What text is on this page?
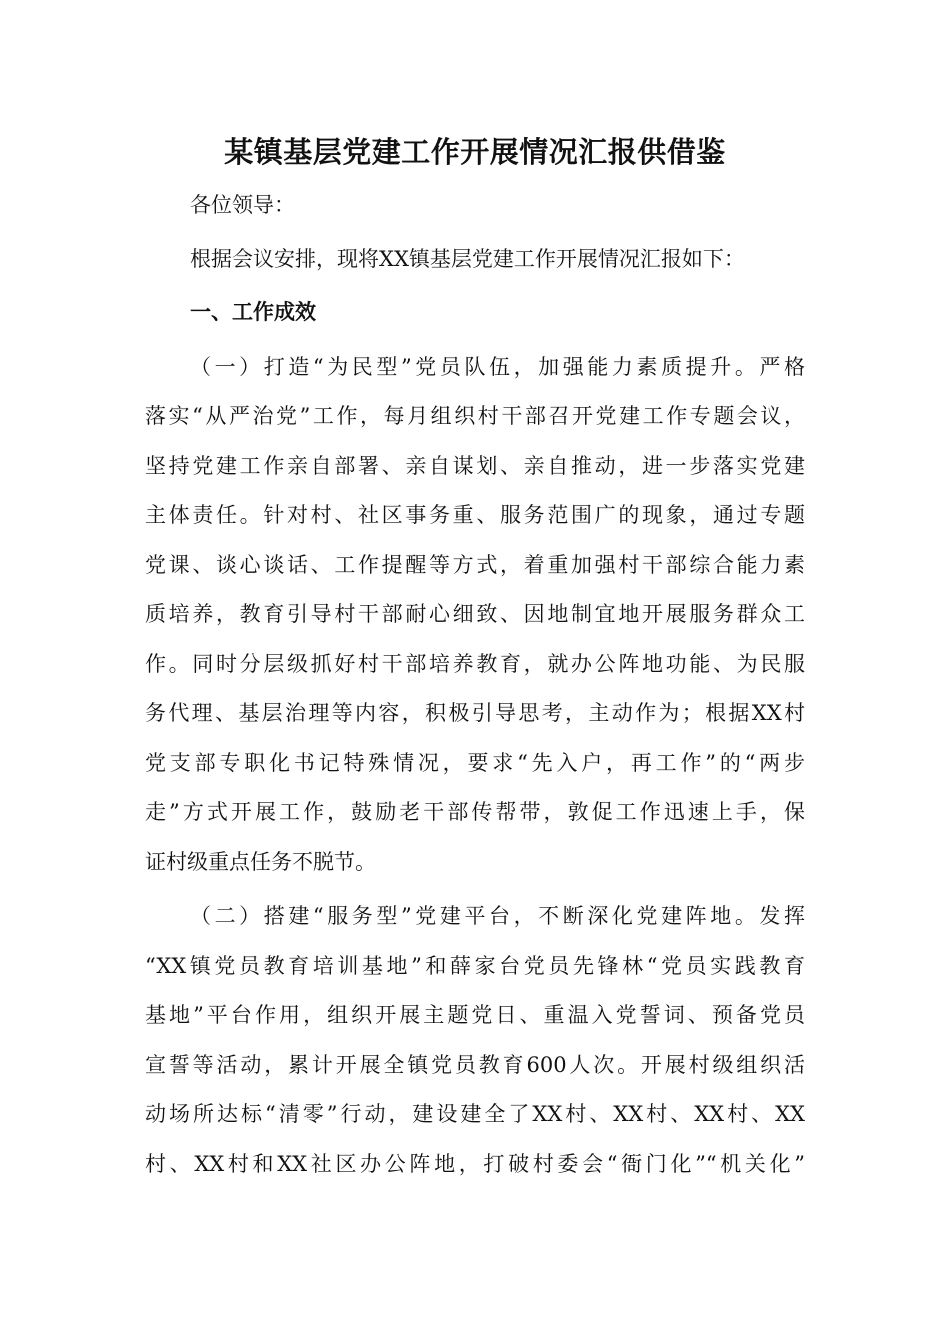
某镇基层党建工作开展情况汇报供借鉴
各位领导：
根据会议安排，现将XX镇基层党建工作开展情况汇报如下：
一、工作成效
（一）打造“为民型”党员队伍，加强能力素质提升。严格
落实“从严治党”工作，每月组织村干部召开党建工作专题会议，
坚持党建工作亲自部署、亲自谋划、亲自推动，进一步落实党建
主体责任。针对村、社区事务重、服务范围广的现象，通过专题
党课、谈心谈话、工作提醒等方式，着重加强村干部综合能力素
质培养，教育引导村干部耐心细致、因地制宜地开展服务群众工
作。同时分层级抓好村干部培养教育，就办公阵地功能、为民服
务代理、基层治理等内容，积极引导思考，主动作为；根据XX村
党支部专职化书记特殊情况，要求“先入户，再工作”的“两步
走”方式开展工作，鼓励老干部传帮带，敦促工作迅速上手，保
证村级重点任务不脱节。
（二）搭建“服务型”党建平台，不断深化党建阵地。发挥
“XX镇党员教育培训基地”和薛家台党员先锋林“党员实践教育
基地”平台作用，组织开展主题党日、重温入党誓词、预备党员
宣誓等活动，累计开展全镇党员教育600人次。开展村级组织活
动场所达标“清零”行动，建设建全了XX村、XX村、XX村、XX
村、XX村和XX社区办公阵地，打破村委会“衙门化”“机关化”
